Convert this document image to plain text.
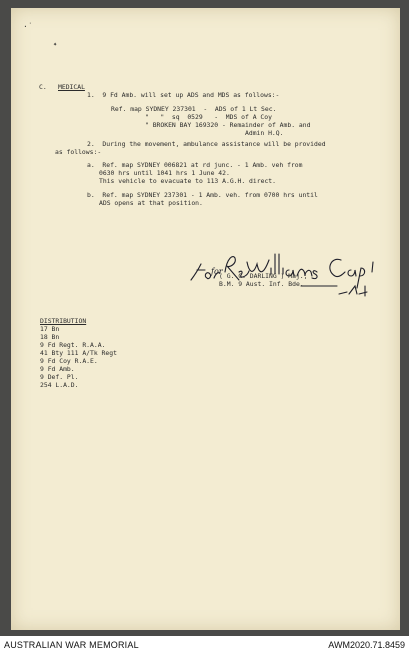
·˙
✦
C. MEDICAL
1.  9 Fd Amb. will set up ADS and MDS as follows:-
Ref. map SYDNEY 237301  -  ADS of 1 Lt Sec.
"   "  sq  0529   -  MDS of A Coy
" BROKEN BAY 169320 - Remainder of Amb. and
Admin H.Q.
2.  During the movement, ambulance assistance will be provided
as follows:-
a.  Ref. map SYDNEY 006821 at rd junc. - 1 Amb. veh from
0630 hrs until 1041 hrs 1 June 42.
This vehicle to evacuate to 113 A.G.H. direct.
b.  Ref. map SYDNEY 237301 - 1 Amb. veh. from 0700 hrs until
ADS opens at that position.
for
( G. C. DARLING ) Maj.,
B.M. 9 Aust. Inf. Bde.
DISTRIBUTION
17 Bn
18 Bn
9 Fd Regt. R.A.A.
41 Bty 111 A/Tk Regt
9 Fd Coy R.A.E.
9 Fd Amb.
9 Def. Pl.
254 L.A.D.
AUSTRALIAN WAR MEMORIAL	AWM2020.71.8459
